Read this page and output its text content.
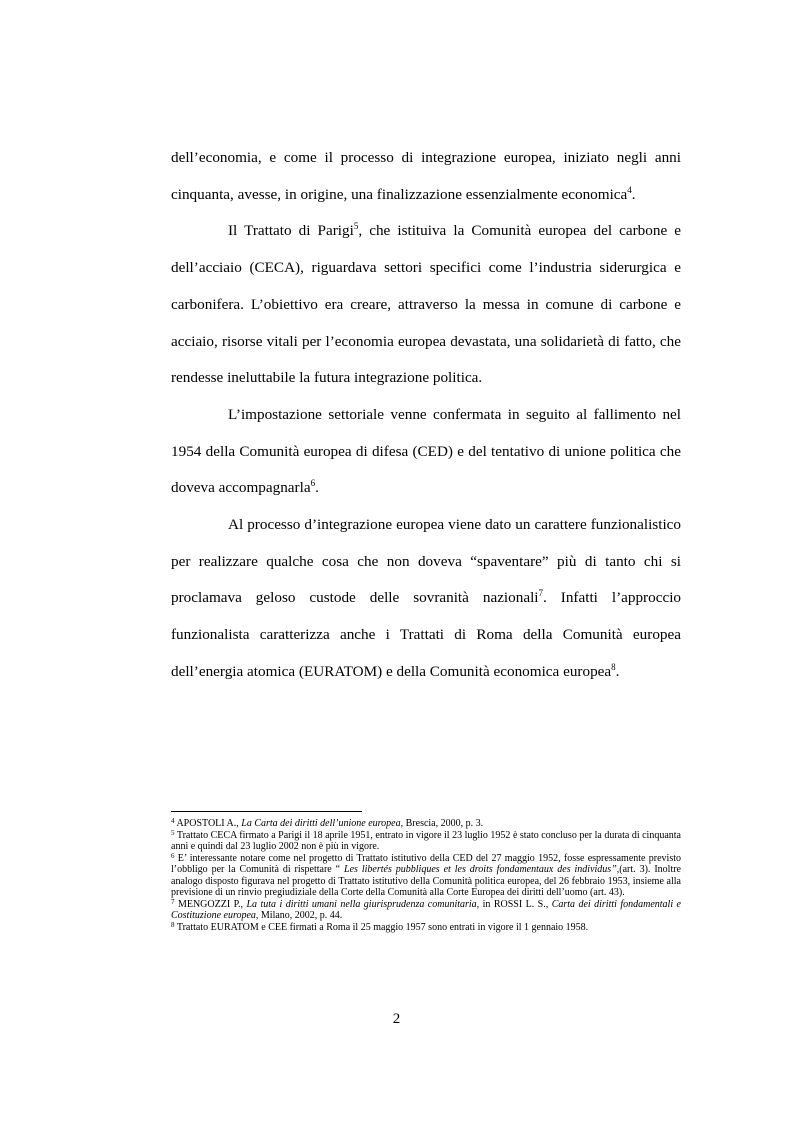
dell’economia, e come il processo di integrazione europea, iniziato negli anni cinquanta, avesse, in origine, una finalizzazione essenzialmente economica$^4$.

Il Trattato di Parigi$^5$, che istituiva la Comunità europea del carbone e dell’acciaio (CECA), riguardava settori specifici come l’industria siderurgica e carbonifera. L’obiettivo era creare, attraverso la messa in comune di carbone e acciaio, risorse vitali per l’economia europea devastata, una solidarietà di fatto, che rendesse ineluttabile la futura integrazione politica.

L’impostazione settoriale venne confermata in seguito al fallimento nel 1954 della Comunità europea di difesa (CED) e del tentativo di unione politica che doveva accompagnarla$^6$.

Al processo d’integrazione europea viene dato un carattere funzionalistico per realizzare qualche cosa che non doveva “spaventare” più di tanto chi si proclamava geloso custode delle sovranità nazionali$^7$. Infatti l’approccio funzionalista caratterizza anche i Trattati di Roma della Comunità europea dell’energia atomica (EURATOM) e della Comunità economica europea$^8$.

$^4$ APOSTOLI A., La Carta dei diritti dell’unione europea, Brescia, 2000, p. 3.

$^5$ Trattato CECA firmato a Parigi il 18 aprile 1951, entrato in vigore il 23 luglio 1952 è stato concluso per la durata di cinquanta anni e quindi dal 23 luglio 2002 non è più in vigore.

$^6$ E’ interessante notare come nel progetto di Trattato istitutivo della CED del 27 maggio 1952, fosse espressamente previsto l’obbligo per la Comunità di rispettare “ Les libertés pubbliques et les droits fondamentaux des individus”,(art. 3). Inoltre analogo disposto figurava nel progetto di Trattato istitutivo della Comunità politica europea, del 26 febbraio 1953, insieme alla previsione di un rinvio pregiudiziale della Corte della Comunità alla Corte Europea dei diritti dell’uomo (art. 43).

$^7$ MENGOZZI P., La tuta i diritti umani nella giurisprudenza comunitaria, in ROSSI L. S., Carta dei diritti fondamentali e Costituzione europea, Milano, 2002, p. 44.

$^8$ Trattato EURATOM e CEE firmati a Roma il 25 maggio 1957 sono entrati in vigore il 1 gennaio 1958.

2
